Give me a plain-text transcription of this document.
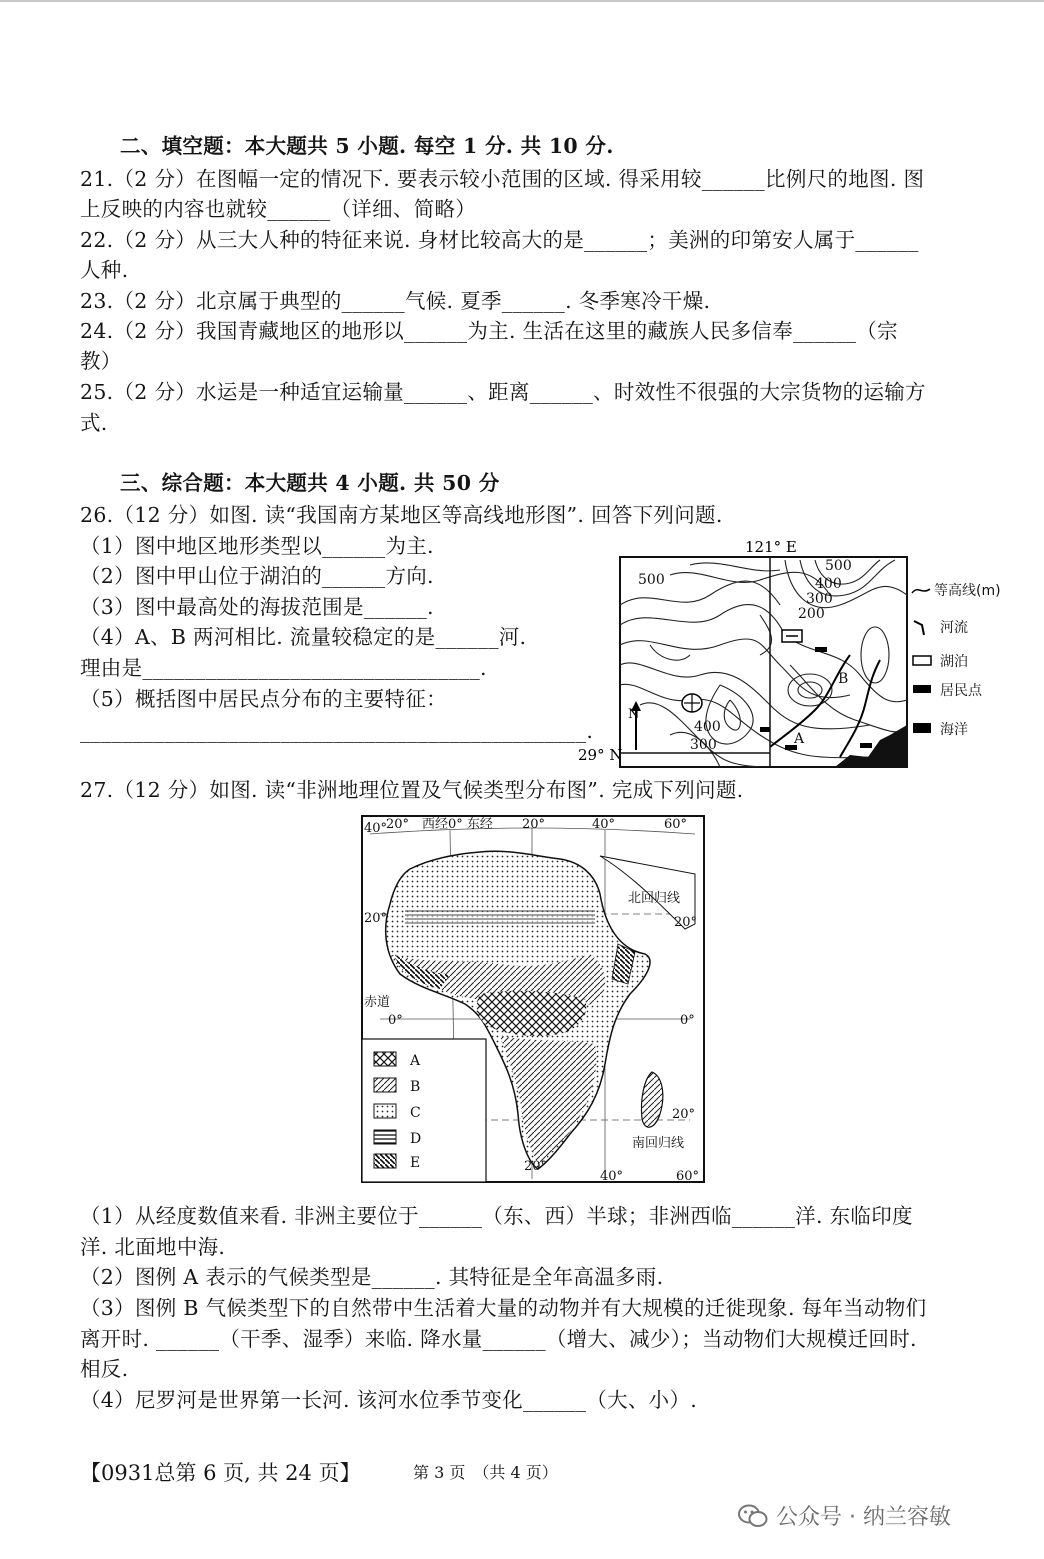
二、填空题：本大题共 5 小题. 每空 1 分. 共 10 分.
21.（2 分）在图幅一定的情况下. 要表示较小范围的区域. 得采用较______比例尺的地图. 图
上反映的内容也就较______（详细、简略）
22.（2 分）从三大人种的特征来说. 身材比较高大的是______；美洲的印第安人属于______
人种.
23.（2 分）北京属于典型的______气候. 夏季______. 冬季寒冷干燥.
24.（2 分）我国青藏地区的地形以______为主. 生活在这里的藏族人民多信奉______（宗
教）
25.（2 分）水运是一种适宜运输量______、距离______、时效性不很强的大宗货物的运输方
式.
三、综合题：本大题共 4 小题. 共 50 分
26.（12 分）如图. 读“我国南方某地区等高线地形图”. 回答下列问题.
（1）图中地区地形类型以______为主.
（2）图中甲山位于湖泊的______方向.
（3）图中最高处的海拔范围是______.
（4）A、B 两河相比. 流量较稳定的是______河.
理由是________________________________.
（5）概括图中居民点分布的主要特征：
________________________________________________.
N
121° E
29° N
500
500
400
300
200
400
300	A
B
等高线(m)
河流
湖泊
居民点
海洋
27.（12 分）如图. 读“非洲地理位置及气候类型分布图”. 完成下列问题.
A
B
C
D
E
40°
20° 西经0° 东经 20°	40°	60°
20°
赤道
0°
北回归线
20°
0°
20°
南回归线
60°
20°
40°
（1）从经度数值来看. 非洲主要位于______（东、西）半球；非洲西临______洋. 东临印度
洋. 北面地中海.
（2）图例 A 表示的气候类型是______. 其特征是全年高温多雨.
（3）图例 B 气候类型下的自然带中生活着大量的动物并有大规模的迁徙现象. 每年当动物们
离开时. ______（干季、湿季）来临. 降水量______（增大、减少）；当动物们大规模迁回时.
相反.
（4）尼罗河是世界第一长河. 该河水位季节变化______（大、小）.
【0931总第 6 页, 共 24 页】	第 3 页　（共 4 页）
公众号 · 纳兰容敏
